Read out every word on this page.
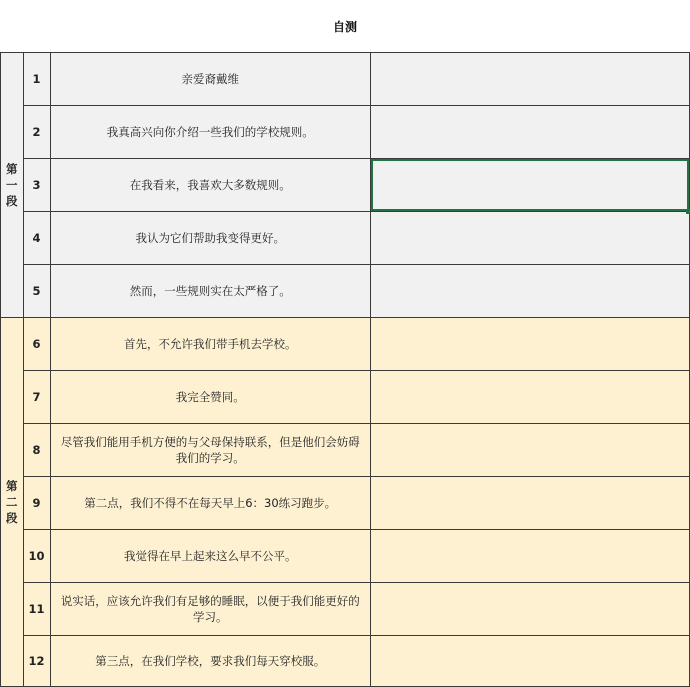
自测
第
一
段	1	亲爱裔戴维	
	2	我真高兴向你介绍一些我们的学校规则。	
	3	在我看来，我喜欢大多数规则。	
	4	我认为它们帮助我变得更好。	
	5	然而，一些规则实在太严格了。	

第
二
段	6	首先，不允许我们带手机去学校。	
	7	我完全赞同。	
	8	尽管我们能用手机方便的与父母保持联系，但是他们会妨碍我们的学习。	
	9	第二点，我们不得不在每天早上6：30练习跑步。	
	10	我觉得在早上起来这么早不公平。	
	11	说实话，应该允许我们有足够的睡眠，以便于我们能更好的学习。	
	12	第三点，在我们学校，要求我们每天穿校服。	
